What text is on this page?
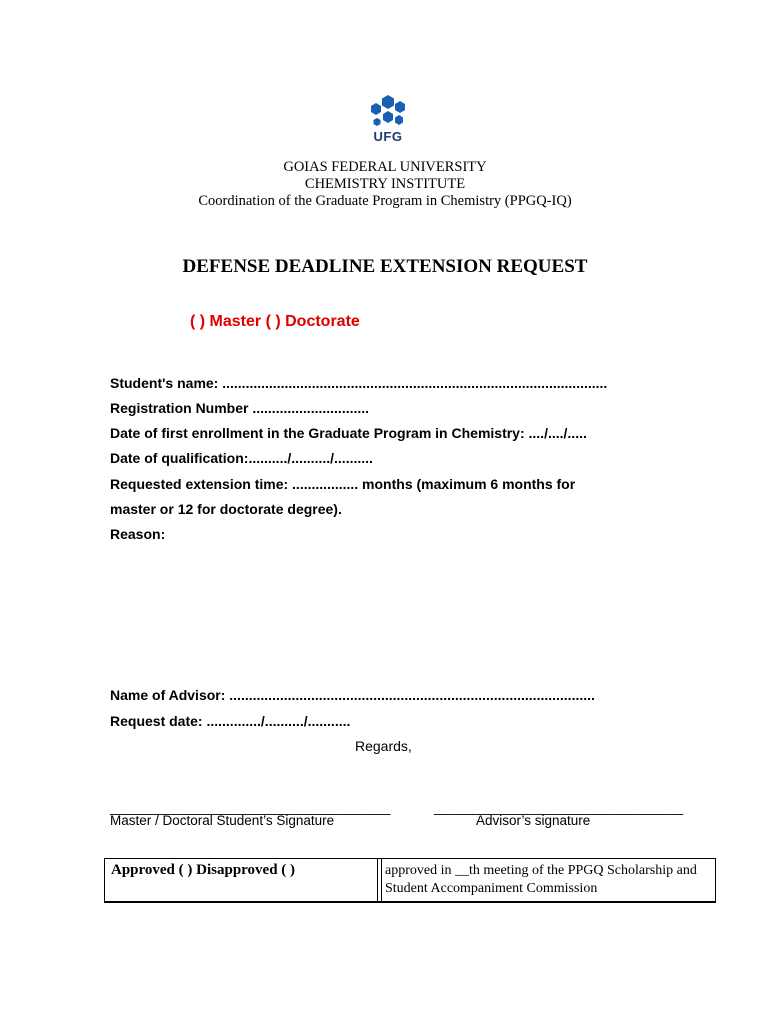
UFG
GOIAS FEDERAL UNIVERSITY
CHEMISTRY INSTITUTE
Coordination of the Graduate Program in Chemistry (PPGQ-IQ)
DEFENSE DEADLINE EXTENSION REQUEST
( ) Master ( ) Doctorate
Student's name: ...................................................................................................
Registration Number ..............................
Date of first enrollment in the Graduate Program in Chemistry: ..../..../.....
Date of qualification:........../........../..........
Requested extension time: ................. months (maximum 6 months for
master or 12 for doctorate degree).
Reason:
Name of Advisor: ..............................................................................................
Request date: ............../........../...........
Regards,
____________________________________
Master / Doctoral Student’s Signature
________________________________
Advisor’s signature
Approved ( ) Disapproved ( )	approved in __th meeting of the PPGQ Scholarship and Student Accompaniment Commission
